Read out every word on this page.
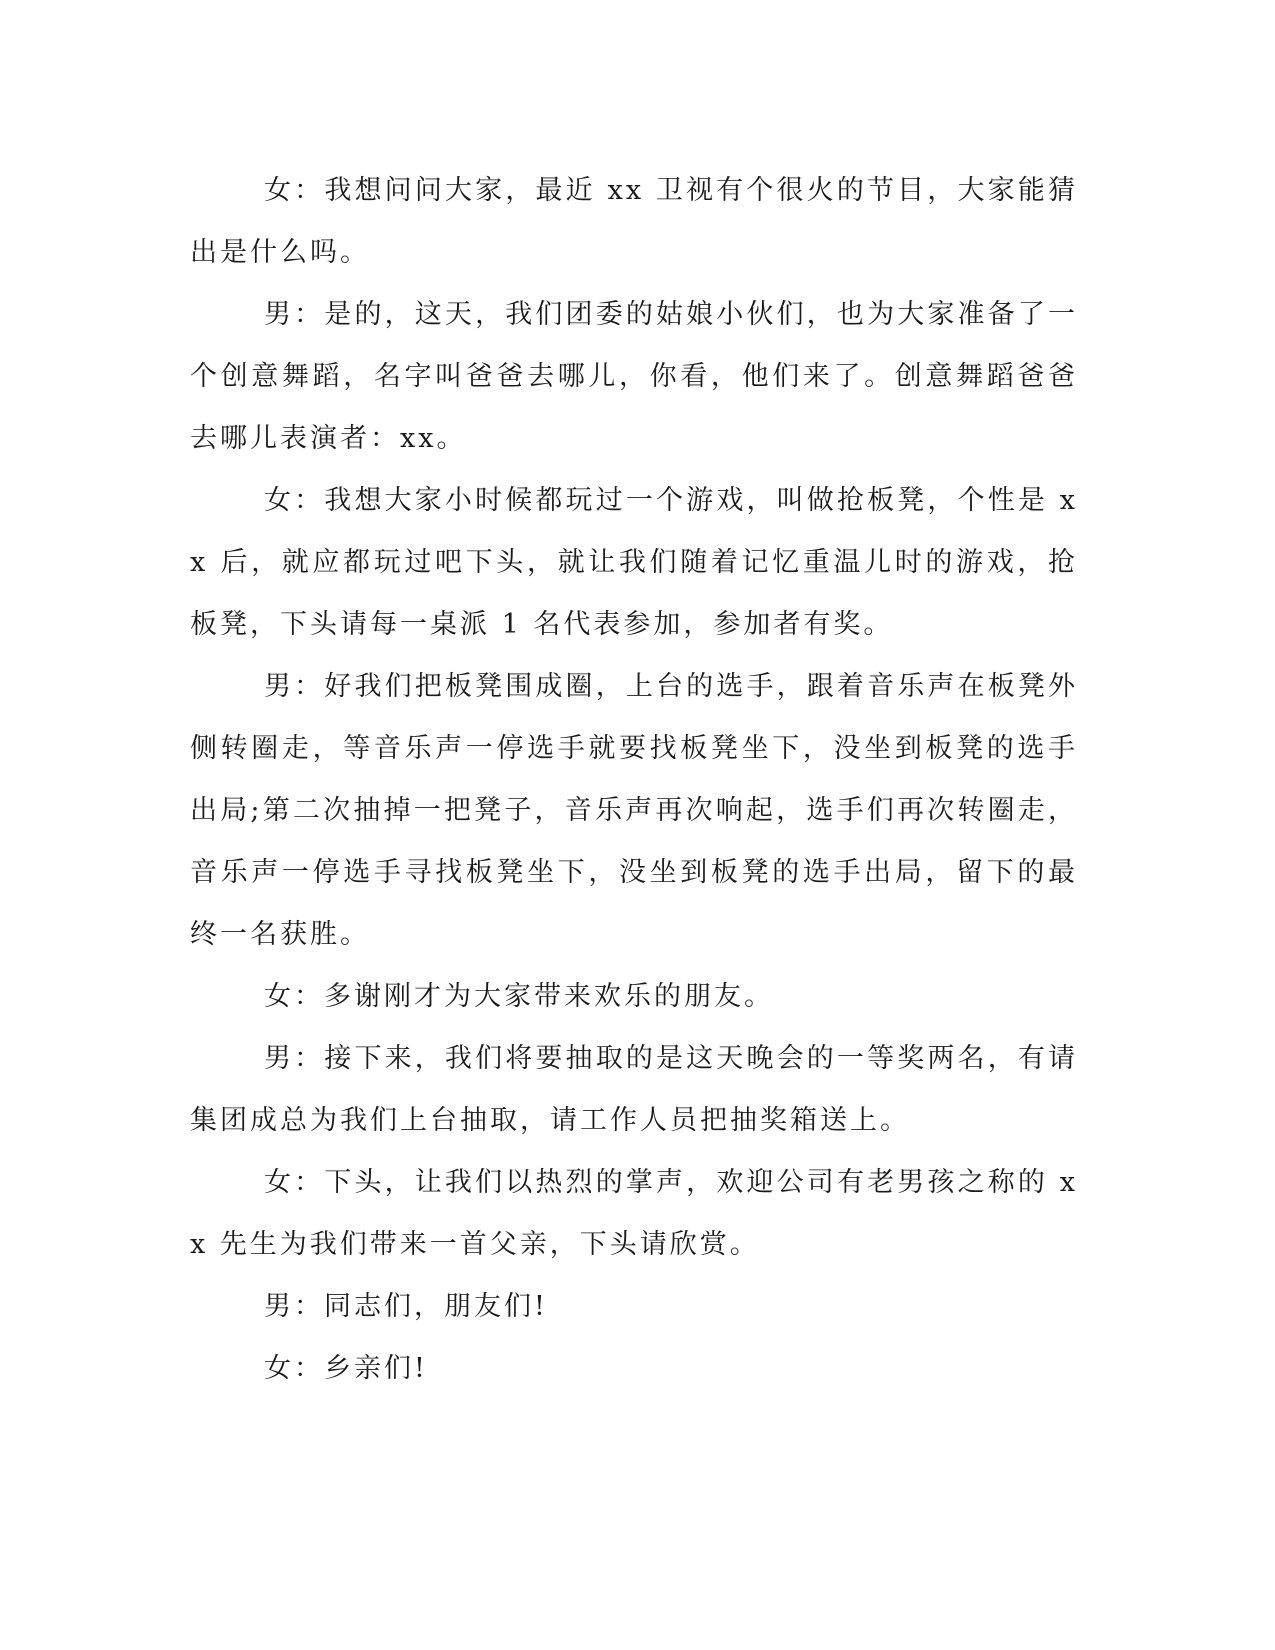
女：我想问问大家，最近 xx 卫视有个很火的节目，大家能猜出是什么吗。

男：是的，这天，我们团委的姑娘小伙们，也为大家准备了一个创意舞蹈，名字叫爸爸去哪儿，你看，他们来了。创意舞蹈爸爸去哪儿表演者：xx。

女：我想大家小时候都玩过一个游戏，叫做抢板凳，个性是 xx 后，就应都玩过吧下头，就让我们随着记忆重温儿时的游戏，抢板凳，下头请每一桌派 1 名代表参加，参加者有奖。

男：好我们把板凳围成圈，上台的选手，跟着音乐声在板凳外侧转圈走，等音乐声一停选手就要找板凳坐下，没坐到板凳的选手出局;第二次抽掉一把凳子，音乐声再次响起，选手们再次转圈走，音乐声一停选手寻找板凳坐下，没坐到板凳的选手出局，留下的最终一名获胜。

女：多谢刚才为大家带来欢乐的朋友。

男：接下来，我们将要抽取的是这天晚会的一等奖两名，有请集团成总为我们上台抽取，请工作人员把抽奖箱送上。

女：下头，让我们以热烈的掌声，欢迎公司有老男孩之称的 xx 先生为我们带来一首父亲，下头请欣赏。

男：同志们，朋友们!

女：乡亲们!
